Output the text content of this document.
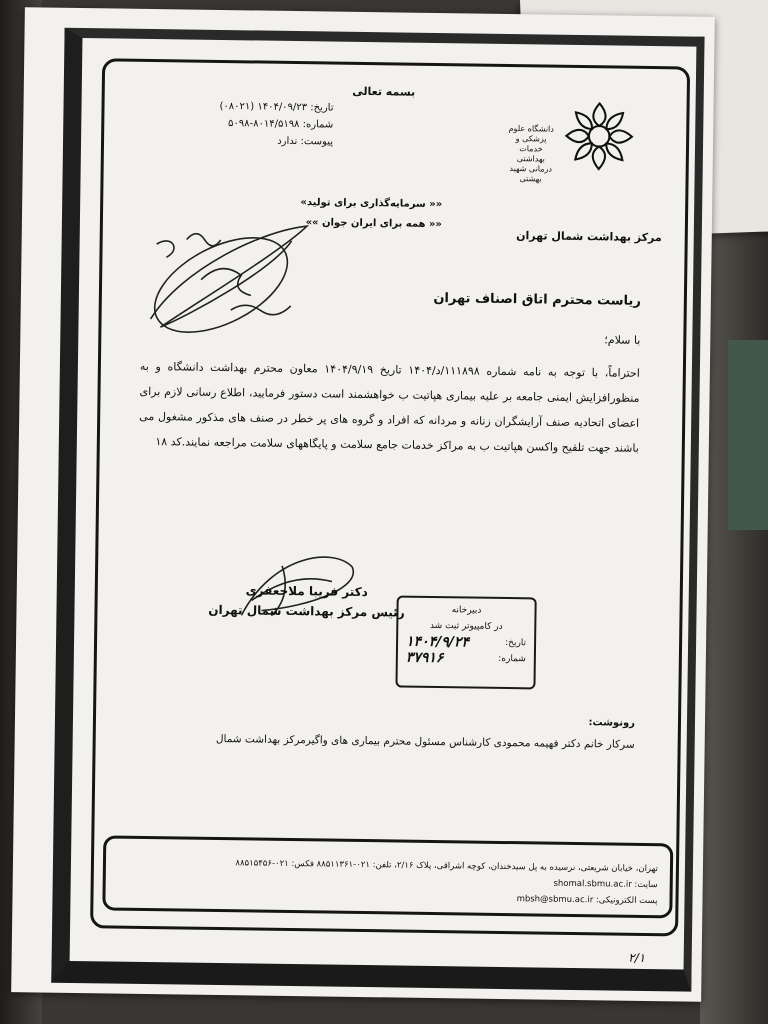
بسمه تعالی
تاریخ: ۱۴۰۴/۰۹/۲۳ (۰۸۰۲۱)
شماره: ۸۰۱۴/۵۱۹۸-۵۰۹۸
پیوست: ندارد
دانشگاه علوم پزشکی و خدمات بهداشتی درمانی شهید بهشتی
مرکز بهداشت شمال تهران
«« سرمایه‌گذاری برای تولید»
«« همه برای ایران جوان »»
ریاست محترم اتاق اصناف تهران
با سلام؛
احتراماً، با توجه به نامه شماره ۱۱۱۸۹۸/د/۱۴۰۴ تاریخ ۱۴۰۴/۹/۱۹ معاون محترم بهداشت دانشگاه و به منظورافزایش ایمنی جامعه بر علیه بیماری هپاتیت ب خواهشمند است دستور فرمایید، اطلاع رسانی لازم برای اعضای اتحادیه صنف آرایشگران زنانه و مردانه که افراد و گروه های پر خطر در صنف های مذکور مشغول می باشند جهت تلقیح واکسن هپاتیت ب به مراکز خدمات جامع سلامت و پایگاههای سلامت مراجعه نمایند.کد ۱۸
دکتر فریبا ملاجعفری
رئیس مرکز بهداشت شمال تهران	دبیرخانه
در کامپیوتر ثبت شد
تاریخ:
۱۴۰۴/۹/۲۴
شماره:
۳۷۹۱۶
رونوشت:
سرکار خانم دکتر فهیمه محمودی کارشناس مسئول محترم بیماری های واگیرمرکز بهداشت شمال
تهران، خیابان شریعتی، نرسیده به پل سیدخندان، کوچه اشراقی، پلاک ۲/۱۶، تلفن: ۰۲۱-۸۸۵۱۱۳۶۱ فکس: ۰۲۱-۸۸۵۱۵۴۵۶
سایت: shomal.sbmu.ac.ir
پست الکترونیکی: mbsh@sbmu.ac.ir
۲/۱
